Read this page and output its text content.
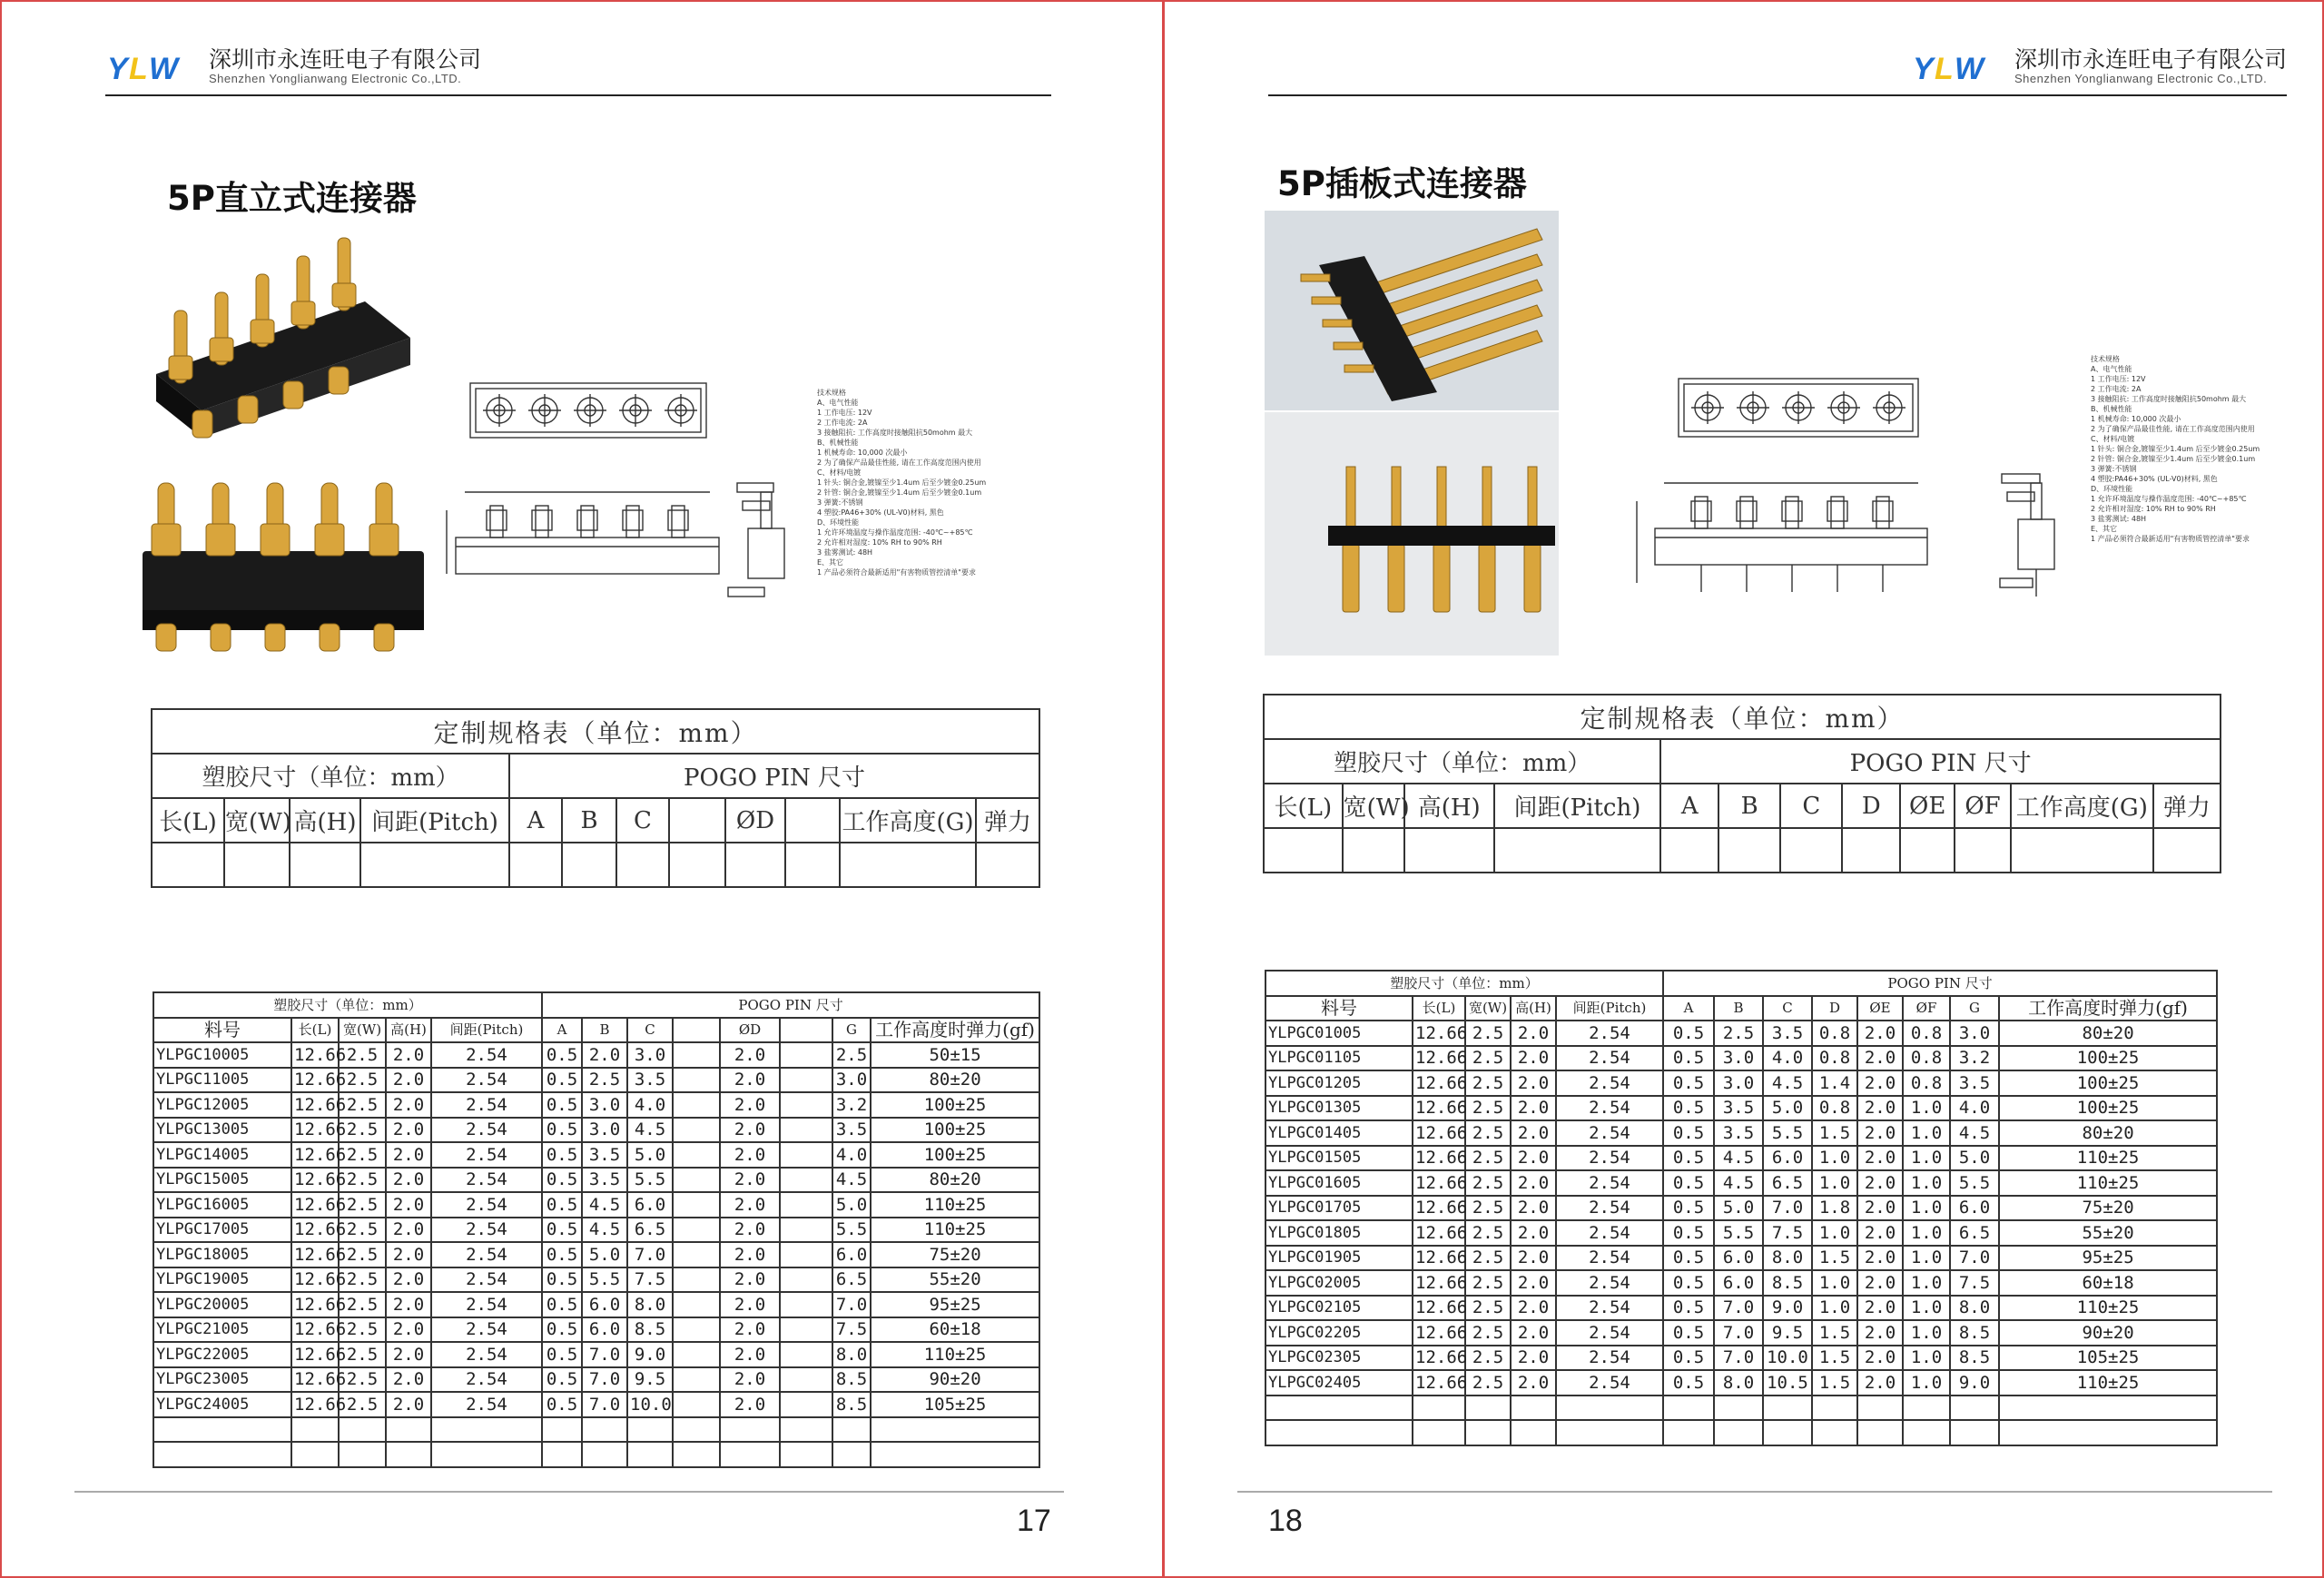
Y L W 深圳市永连旺电子有限公司
Shenzhen Yonglianwang Electronic Co.,LTD.
5P直立式连接器
技术规格
A、电气性能
1 工作电压: 12V
2 工作电流: 2A
3 接触阻抗: 工作高度时接触阻抗50mohm 最大
B、机械性能
1 机械寿命: 10,000 次最小
2 为了确保产品最佳性能, 请在工作高度范围内使用
C、材料/电镀
1 针头: 铜合金,镀镍至少1.4um 后至少镀金0.25um
2 针管: 铜合金,镀镍至少1.4um 后至少镀金0.1um
3 弹簧:不锈钢
4 塑胶:PA46+30% (UL-V0)材料, 黑色
D、环境性能
1 允许环境温度与操作温度范围: -40℃~+85℃
2 允许相对湿度: 10% RH to 90% RH
3 盐雾测试: 48H
E、其它
1 产品必须符合最新适用"有害物质管控清单"要求
定制规格表（单位：mm）											
塑胶尺寸（单位：mm）				POGO PIN 尺寸							
长(L)	宽(W)	高(H)	间距(Pitch)	A	B	C		ØD		工作高度(G)	弹力

塑胶尺寸（单位：mm）					POGO PIN 尺寸							
料号	长(L)	宽(W)	高(H)	间距(Pitch)	A	B	C		ØD		G	工作高度时弹力(gf)
YLPGC10005	12.66	2.5	2.0	2.54	0.5	2.0	3.0		2.0		2.5	50±15
YLPGC11005	12.66	2.5	2.0	2.54	0.5	2.5	3.5		2.0		3.0	80±20
YLPGC12005	12.66	2.5	2.0	2.54	0.5	3.0	4.0		2.0		3.2	100±25
YLPGC13005	12.66	2.5	2.0	2.54	0.5	3.0	4.5		2.0		3.5	100±25
YLPGC14005	12.66	2.5	2.0	2.54	0.5	3.5	5.0		2.0		4.0	100±25
YLPGC15005	12.66	2.5	2.0	2.54	0.5	3.5	5.5		2.0		4.5	80±20
YLPGC16005	12.66	2.5	2.0	2.54	0.5	4.5	6.0		2.0		5.0	110±25
YLPGC17005	12.66	2.5	2.0	2.54	0.5	4.5	6.5		2.0		5.5	110±25
YLPGC18005	12.66	2.5	2.0	2.54	0.5	5.0	7.0		2.0		6.0	75±20
YLPGC19005	12.66	2.5	2.0	2.54	0.5	5.5	7.5		2.0		6.5	55±20
YLPGC20005	12.66	2.5	2.0	2.54	0.5	6.0	8.0		2.0		7.0	95±25
YLPGC21005	12.66	2.5	2.0	2.54	0.5	6.0	8.5		2.0		7.5	60±18
YLPGC22005	12.66	2.5	2.0	2.54	0.5	7.0	9.0		2.0		8.0	110±25
YLPGC23005	12.66	2.5	2.0	2.54	0.5	7.0	9.5		2.0		8.5	90±20
YLPGC24005	12.66	2.5	2.0	2.54	0.5	7.0	10.0		2.0		8.5	105±25

17
Y L W 深圳市永连旺电子有限公司
Shenzhen Yonglianwang Electronic Co.,LTD.
5P插板式连接器
技术规格
A、电气性能
1 工作电压: 12V
2 工作电流: 2A
3 接触阻抗: 工作高度时接触阻抗50mohm 最大
B、机械性能
1 机械寿命: 10,000 次最小
2 为了确保产品最佳性能, 请在工作高度范围内使用
C、材料/电镀
1 针头: 铜合金,镀镍至少1.4um 后至少镀金0.25um
2 针管: 铜合金,镀镍至少1.4um 后至少镀金0.1um
3 弹簧:不锈钢
4 塑胶:PA46+30% (UL-V0)材料, 黑色
D、环境性能
1 允许环境温度与操作温度范围: -40℃~+85℃
2 允许相对湿度: 10% RH to 90% RH
3 盐雾测试: 48H
E、其它
1 产品必须符合最新适用"有害物质管控清单"要求
定制规格表（单位：mm）											
塑胶尺寸（单位：mm）				POGO PIN 尺寸							
长(L)	宽(W)	高(H)	间距(Pitch)	A	B	C	D	ØE	ØF	工作高度(G)	弹力

塑胶尺寸（单位：mm）					POGO PIN 尺寸							
料号	长(L)	宽(W)	高(H)	间距(Pitch)	A	B	C	D	ØE	ØF	G	工作高度时弹力(gf)
YLPGC01005	12.66	2.5	2.0	2.54	0.5	2.5	3.5	0.8	2.0	0.8	3.0	80±20
YLPGC01105	12.66	2.5	2.0	2.54	0.5	3.0	4.0	0.8	2.0	0.8	3.2	100±25
YLPGC01205	12.66	2.5	2.0	2.54	0.5	3.0	4.5	1.4	2.0	0.8	3.5	100±25
YLPGC01305	12.66	2.5	2.0	2.54	0.5	3.5	5.0	0.8	2.0	1.0	4.0	100±25
YLPGC01405	12.66	2.5	2.0	2.54	0.5	3.5	5.5	1.5	2.0	1.0	4.5	80±20
YLPGC01505	12.66	2.5	2.0	2.54	0.5	4.5	6.0	1.0	2.0	1.0	5.0	110±25
YLPGC01605	12.66	2.5	2.0	2.54	0.5	4.5	6.5	1.0	2.0	1.0	5.5	110±25
YLPGC01705	12.66	2.5	2.0	2.54	0.5	5.0	7.0	1.8	2.0	1.0	6.0	75±20
YLPGC01805	12.66	2.5	2.0	2.54	0.5	5.5	7.5	1.0	2.0	1.0	6.5	55±20
YLPGC01905	12.66	2.5	2.0	2.54	0.5	6.0	8.0	1.5	2.0	1.0	7.0	95±25
YLPGC02005	12.66	2.5	2.0	2.54	0.5	6.0	8.5	1.0	2.0	1.0	7.5	60±18
YLPGC02105	12.66	2.5	2.0	2.54	0.5	7.0	9.0	1.0	2.0	1.0	8.0	110±25
YLPGC02205	12.66	2.5	2.0	2.54	0.5	7.0	9.5	1.5	2.0	1.0	8.5	90±20
YLPGC02305	12.66	2.5	2.0	2.54	0.5	7.0	10.0	1.5	2.0	1.0	8.5	105±25
YLPGC02405	12.66	2.5	2.0	2.54	0.5	8.0	10.5	1.5	2.0	1.0	9.0	110±25

18
